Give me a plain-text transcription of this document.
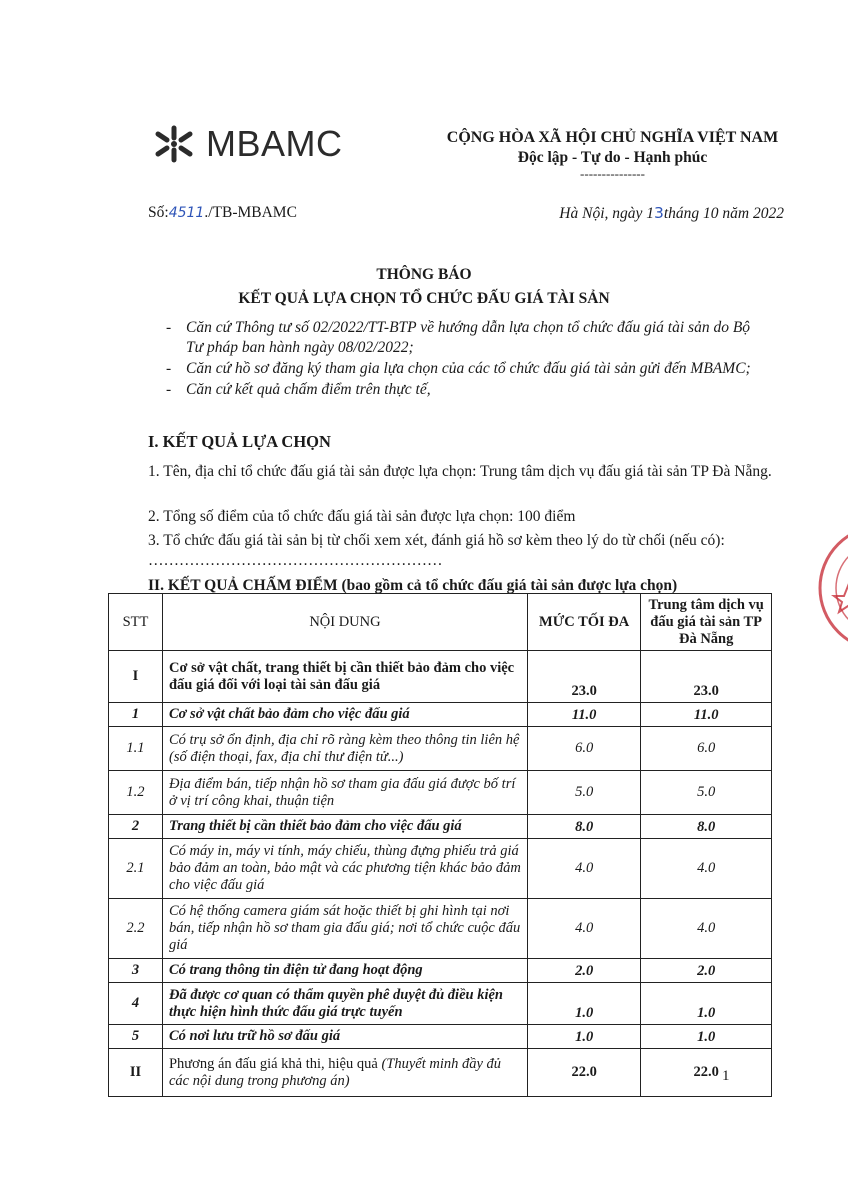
MBAMC	CỘNG HÒA XÃ HỘI CHỦ NGHĨA VIỆT NAM
Độc lập - Tự do - Hạnh phúc
---------------
Số:4511./TB-MBAMC	Hà Nội, ngày 13tháng 10 năm 2022
THÔNG BÁO
KẾT QUẢ LỰA CHỌN TỔ CHỨC ĐẤU GIÁ TÀI SẢN
- Căn cứ Thông tư số 02/2022/TT-BTP về hướng dẫn lựa chọn tổ chức đấu giá tài sản do Bộ Tư pháp ban hành ngày 08/02/2022;
- Căn cứ hồ sơ đăng ký tham gia lựa chọn của các tổ chức đấu giá tài sản gửi đến MBAMC;
- Căn cứ kết quả chấm điểm trên thực tế,
I. KẾT QUẢ LỰA CHỌN
1. Tên, địa chỉ tổ chức đấu giá tài sản được lựa chọn: Trung tâm dịch vụ đấu giá tài sản TP Đà Nẵng.
2. Tổng số điểm của tổ chức đấu giá tài sản được lựa chọn: 100 điểm
3. Tổ chức đấu giá tài sản bị từ chối xem xét, đánh giá hồ sơ kèm theo lý do từ chối (nếu có): …………………………………………………
II. KẾT QUẢ CHẤM ĐIỂM (bao gồm cả tổ chức đấu giá tài sản được lựa chọn)
STT	NỘI DUNG	MỨC TỐI ĐA	Trung tâm dịch vụ đấu giá tài sản TP Đà Nẵng
I	Cơ sở vật chất, trang thiết bị cần thiết bảo đảm cho việc đấu giá đối với loại tài sản đấu giá	23.0	23.0
1	Cơ sở vật chất bảo đảm cho việc đấu giá	11.0	11.0
1.1	Có trụ sở ổn định, địa chỉ rõ ràng kèm theo thông tin liên hệ (số điện thoại, fax, địa chỉ thư điện tử...)	6.0	6.0
1.2	Địa điểm bán, tiếp nhận hồ sơ tham gia đấu giá được bố trí ở vị trí công khai, thuận tiện	5.0	5.0
2	Trang thiết bị cần thiết bảo đảm cho việc đấu giá	8.0	8.0
2.1	Có máy in, máy vi tính, máy chiếu, thùng đựng phiếu trả giá bảo đảm an toàn, bảo mật và các phương tiện khác bảo đảm cho việc đấu giá	4.0	4.0
2.2	Có hệ thống camera giám sát hoặc thiết bị ghi hình tại nơi bán, tiếp nhận hồ sơ tham gia đấu giá; nơi tổ chức cuộc đấu giá	4.0	4.0
3	Có trang thông tin điện tử đang hoạt động	2.0	2.0
4	Đã được cơ quan có thẩm quyền phê duyệt đủ điều kiện thực hiện hình thức đấu giá trực tuyến	1.0	1.0
5	Có nơi lưu trữ hồ sơ đấu giá	1.0	1.0
II	Phương án đấu giá khả thi, hiệu quả (Thuyết minh đầy đủ các nội dung trong phương án)	22.0	22.0 1
